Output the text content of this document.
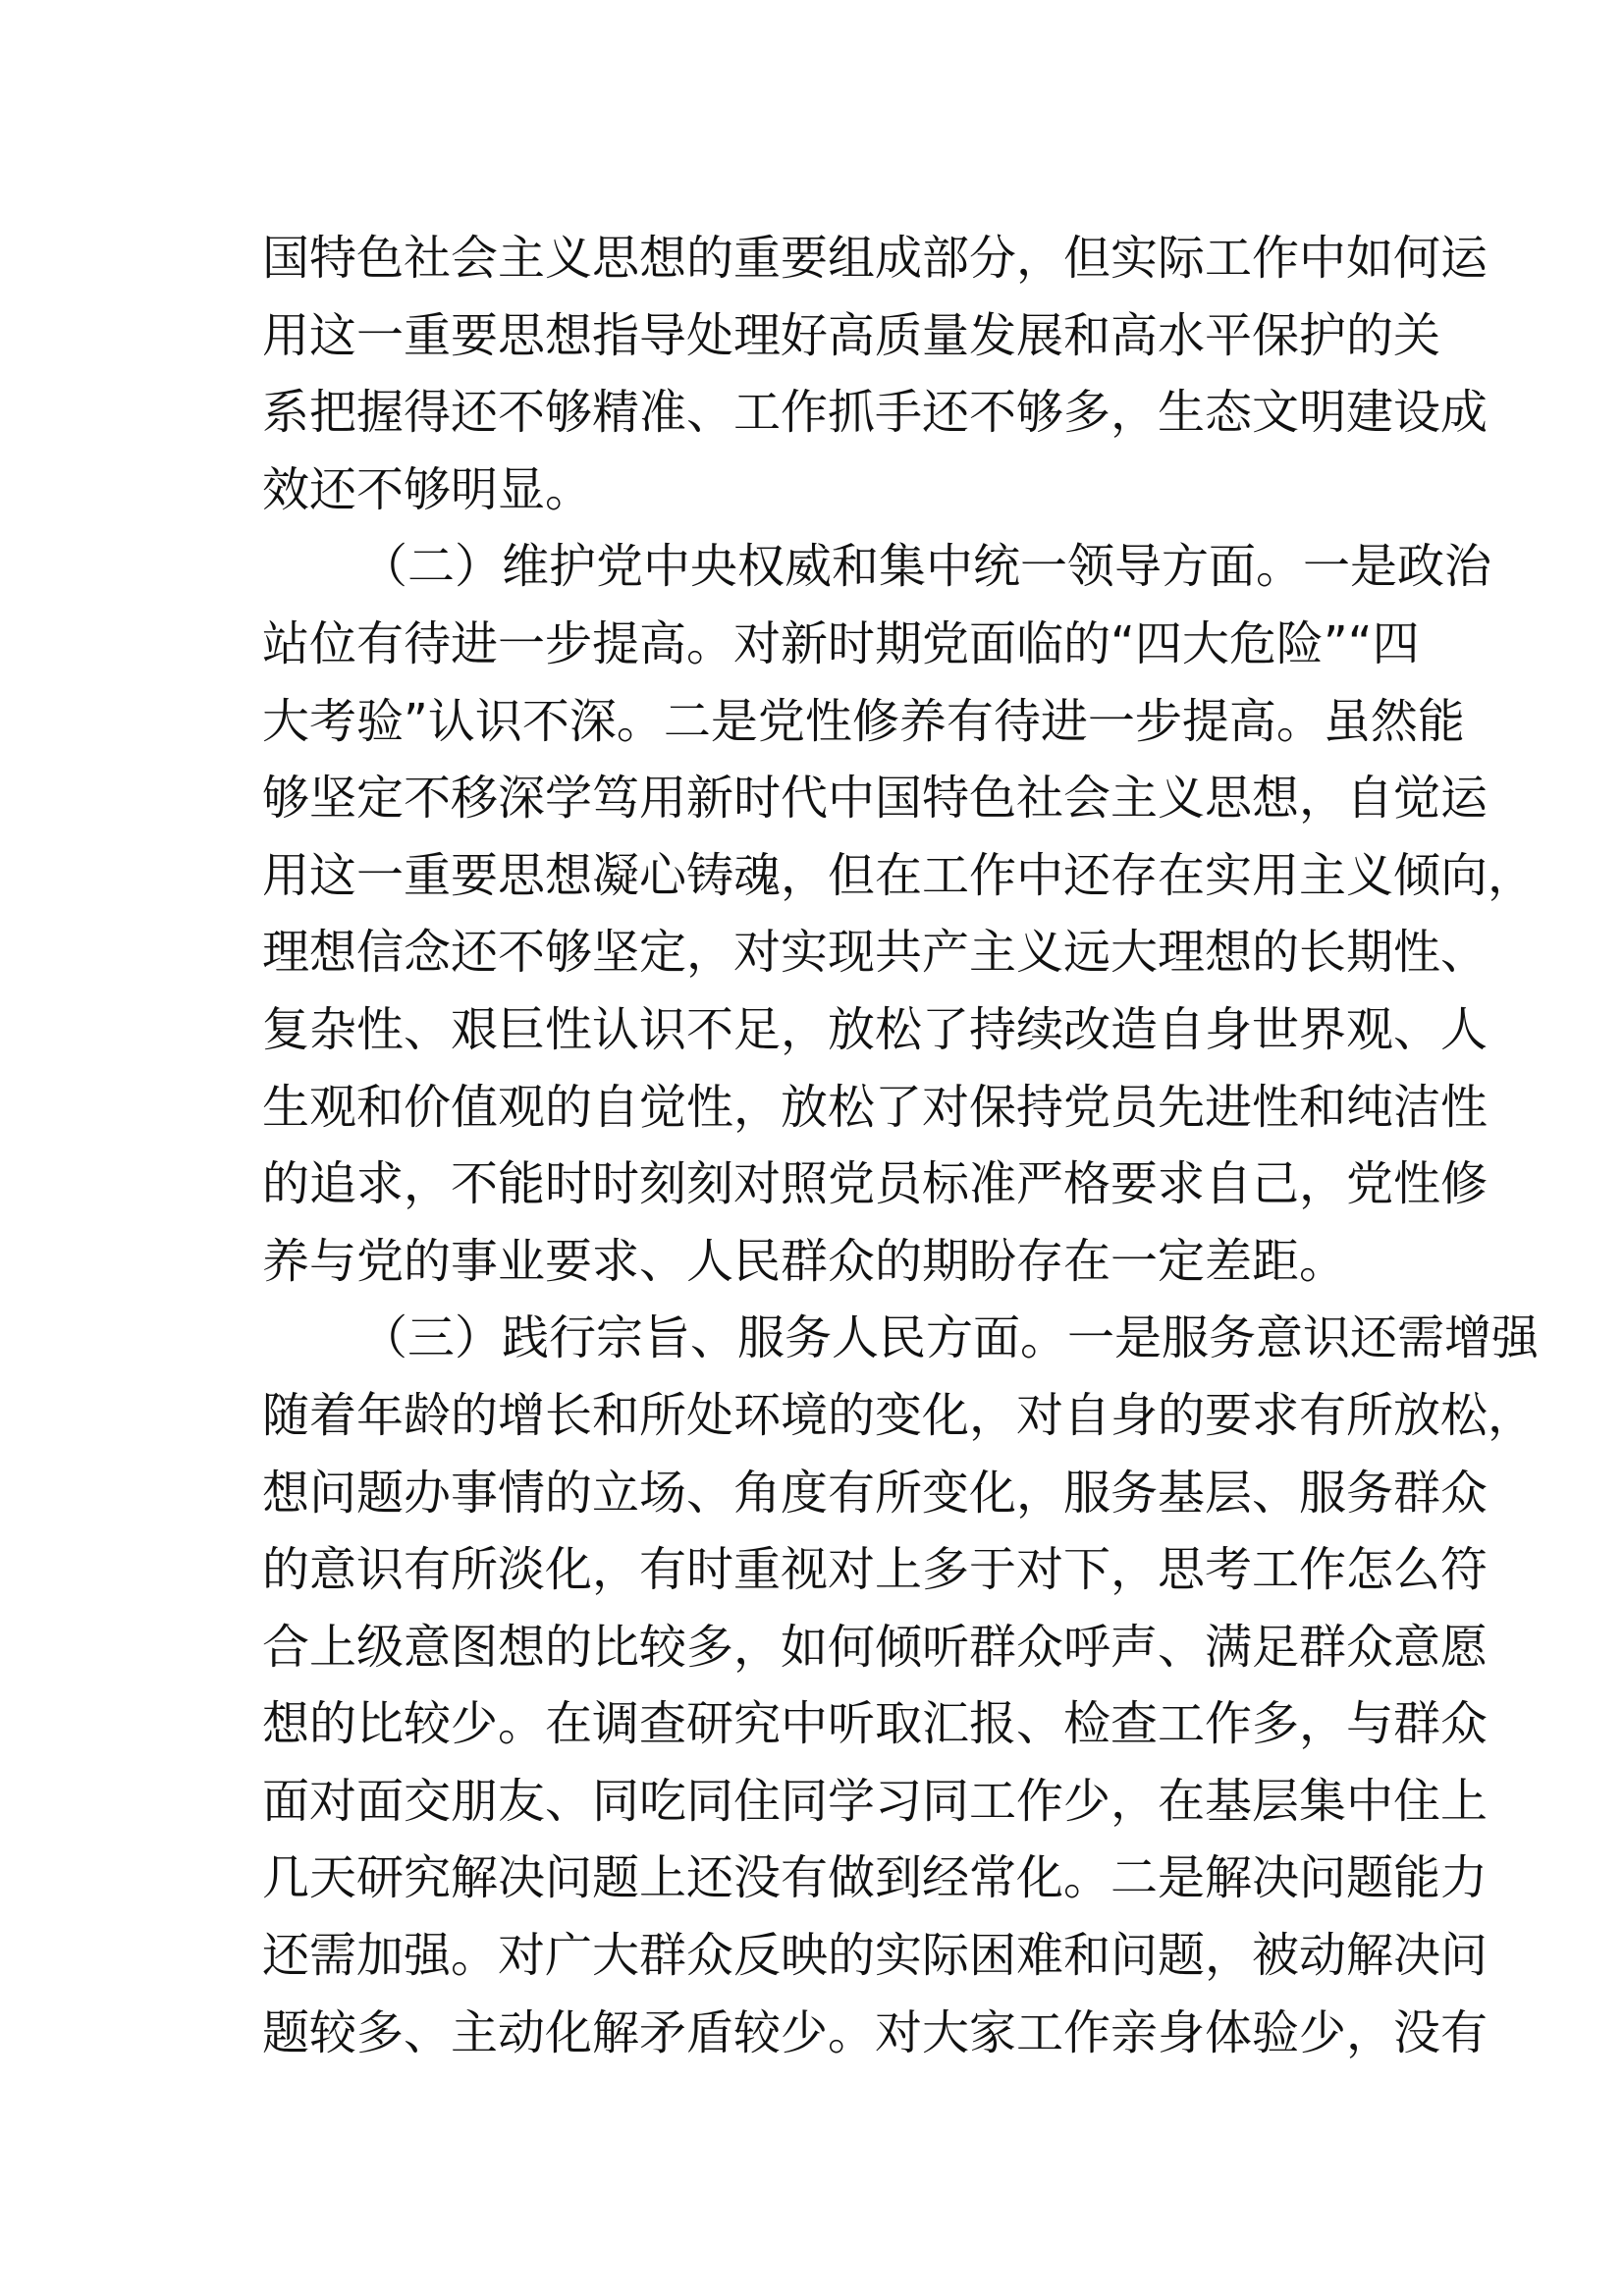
国特色社会主义思想的重要组成部分，但实际工作中如何运
用这一重要思想指导处理好高质量发展和高水平保护的关
系把握得还不够精准、工作抓手还不够多，生态文明建设成
效还不够明显。
（二）维护党中央权威和集中统一领导方面。一是政治
站位有待进一步提高。对新时期党面临的“四大危险”“四
大考验”认识不深。二是党性修养有待进一步提高。虽然能
够坚定不移深学笃用新时代中国特色社会主义思想，自觉运
用这一重要思想凝心铸魂，但在工作中还存在实用主义倾向，
理想信念还不够坚定，对实现共产主义远大理想的长期性、
复杂性、艰巨性认识不足，放松了持续改造自身世界观、人
生观和价值观的自觉性，放松了对保持党员先进性和纯洁性
的追求，不能时时刻刻对照党员标准严格要求自己，党性修
养与党的事业要求、人民群众的期盼存在一定差距。
（三）践行宗旨、服务人民方面。一是服务意识还需增强
随着年龄的增长和所处环境的变化，对自身的要求有所放松，
想问题办事情的立场、角度有所变化，服务基层、服务群众
的意识有所淡化，有时重视对上多于对下，思考工作怎么符
合上级意图想的比较多，如何倾听群众呼声、满足群众意愿
想的比较少。在调查研究中听取汇报、检查工作多，与群众
面对面交朋友、同吃同住同学习同工作少，在基层集中住上
几天研究解决问题上还没有做到经常化。二是解决问题能力
还需加强。对广大群众反映的实际困难和问题，被动解决问
题较多、主动化解矛盾较少。对大家工作亲身体验少，没有
